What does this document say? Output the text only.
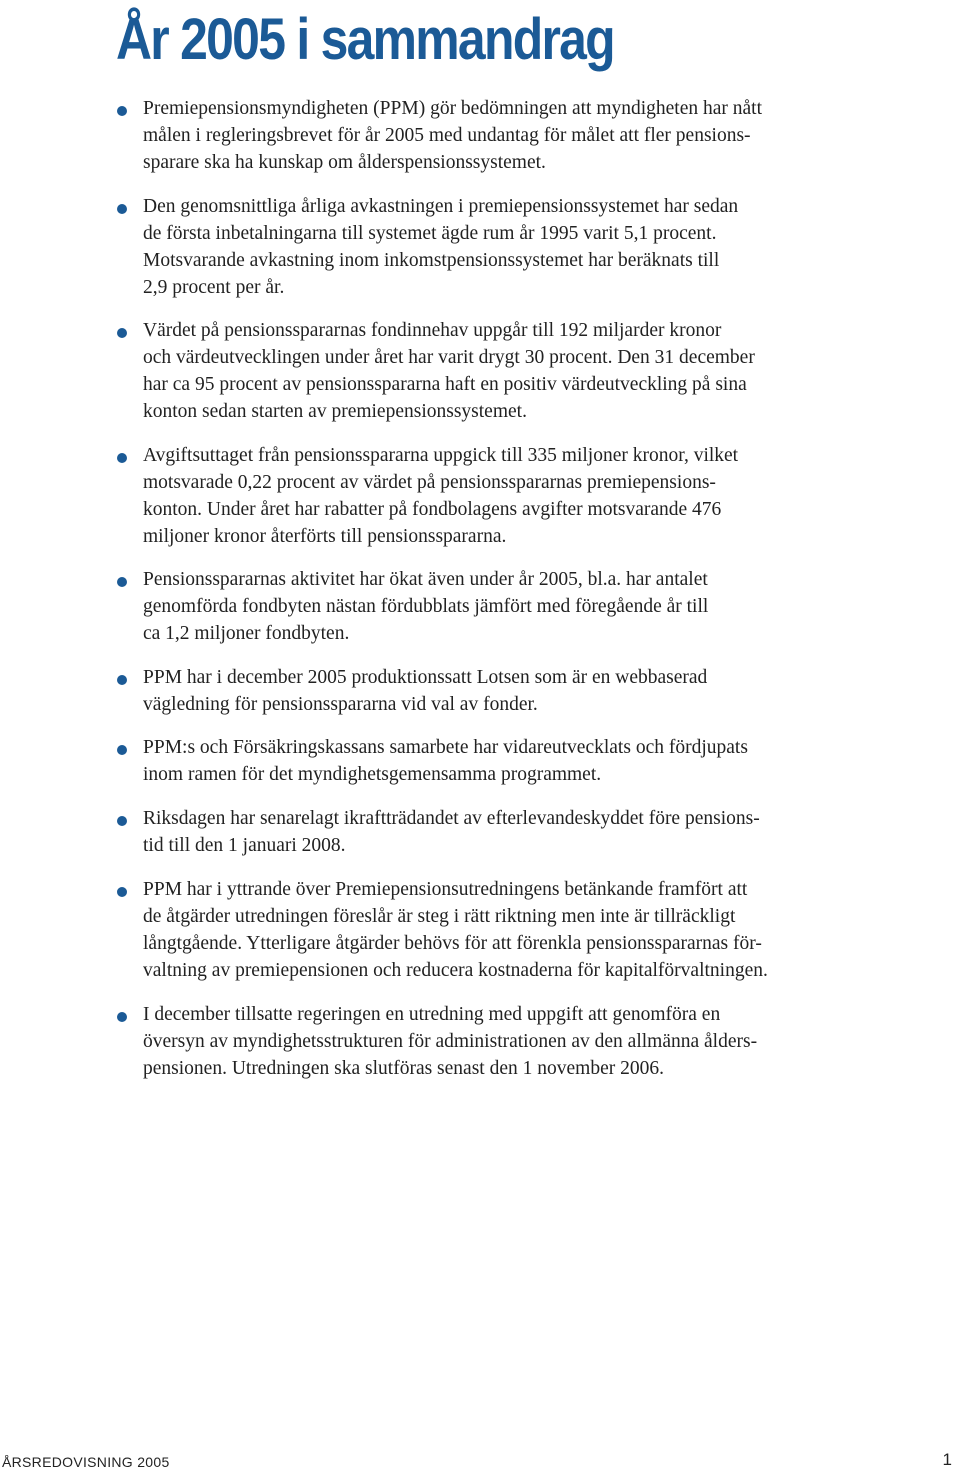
År 2005 i sammandrag
Premiepensionsmyndigheten (PPM) gör bedömningen att myndigheten har nått
målen i regleringsbrevet för år 2005 med undantag för målet att fler pensions-
sparare ska ha kunskap om ålderspensionssystemet.
Den genomsnittliga årliga avkastningen i premiepensionssystemet har sedan
de första inbetalningarna till systemet ägde rum år 1995 varit 5,1 procent.
Motsvarande avkastning inom inkomstpensionssystemet har beräknats till
2,9 procent per år.
Värdet på pensionsspararnas fondinnehav uppgår till 192 miljarder kronor
och värdeutvecklingen under året har varit drygt 30 procent. Den 31 december
har ca 95 procent av pensionsspararna haft en positiv värdeutveckling på sina
konton sedan starten av premiepensionssystemet.
Avgiftsuttaget från pensionsspararna uppgick till 335 miljoner kronor, vilket
motsvarade 0,22 procent av värdet på pensionsspararnas premiepensions-
konton. Under året har rabatter på fondbolagens avgifter motsvarande 476
miljoner kronor återförts till pensionsspararna.
Pensionsspararnas aktivitet har ökat även under år 2005, bl.a. har antalet
genomförda fondbyten nästan fördubblats jämfört med föregående år till
ca 1,2 miljoner fondbyten.
PPM har i december 2005 produktionssatt Lotsen som är en webbaserad
vägledning för pensionsspararna vid val av fonder.
PPM:s och Försäkringskassans samarbete har vidareutvecklats och fördjupats
inom ramen för det myndighetsgemensamma programmet.
Riksdagen har senarelagt ikraftträdandet av efterlevandeskyddet före pensions-
tid till den 1 januari 2008.
PPM har i yttrande över Premiepensionsutredningens betänkande framfört att
de åtgärder utredningen föreslår är steg i rätt riktning men inte är tillräckligt
långtgående. Ytterligare åtgärder behövs för att förenkla pensionsspararnas för-
valtning av premiepensionen och reducera kostnaderna för kapitalförvaltningen.
I december tillsatte regeringen en utredning med uppgift att genomföra en
översyn av myndighetsstrukturen för administrationen av den allmänna ålders-
pensionen. Utredningen ska slutföras senast den 1 november 2006.
ÅRSREDOVISNING 2005	1
